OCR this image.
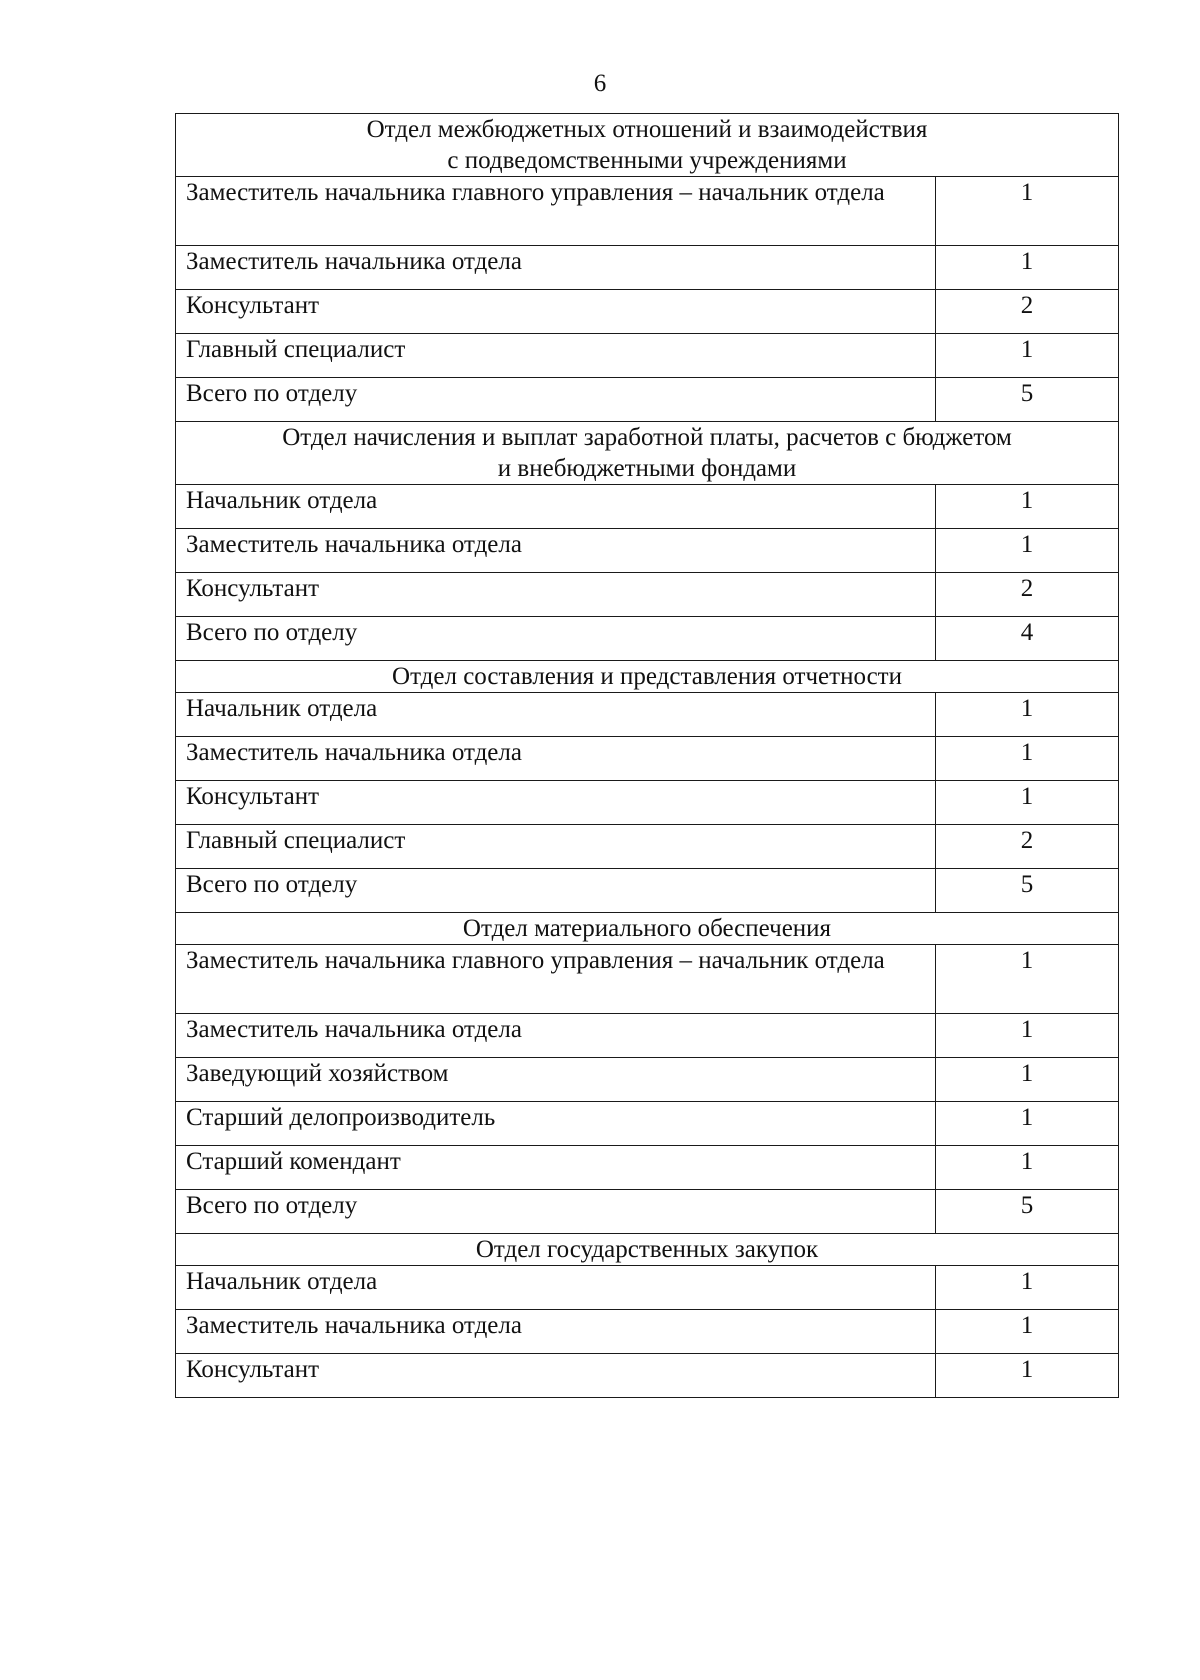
6
Отдел межбюджетных отношений и взаимодействия
с подведомственными учреждениями	

Заместитель начальника главного управления – начальник отдела	1
Заместитель начальника отдела	1
Консультант	2
Главный специалист	1
Всего по отделу	5

Отдел начисления и выплат заработной платы, расчетов с бюджетом
и внебюджетными фондами	

Начальник отдела	1
Заместитель начальника отдела	1
Консультант	2
Всего по отделу	4

Отдел составления и представления отчетности	

Начальник отдела	1
Заместитель начальника отдела	1
Консультант	1
Главный специалист	2
Всего по отделу	5

Отдел материального обеспечения	

Заместитель начальника главного управления – начальник отдела	1
Заместитель начальника отдела	1
Заведующий хозяйством	1
Старший делопроизводитель	1
Старший комендант	1
Всего по отделу	5

Отдел государственных закупок	

Начальник отдела	1
Заместитель начальника отдела	1
Консультант	1
